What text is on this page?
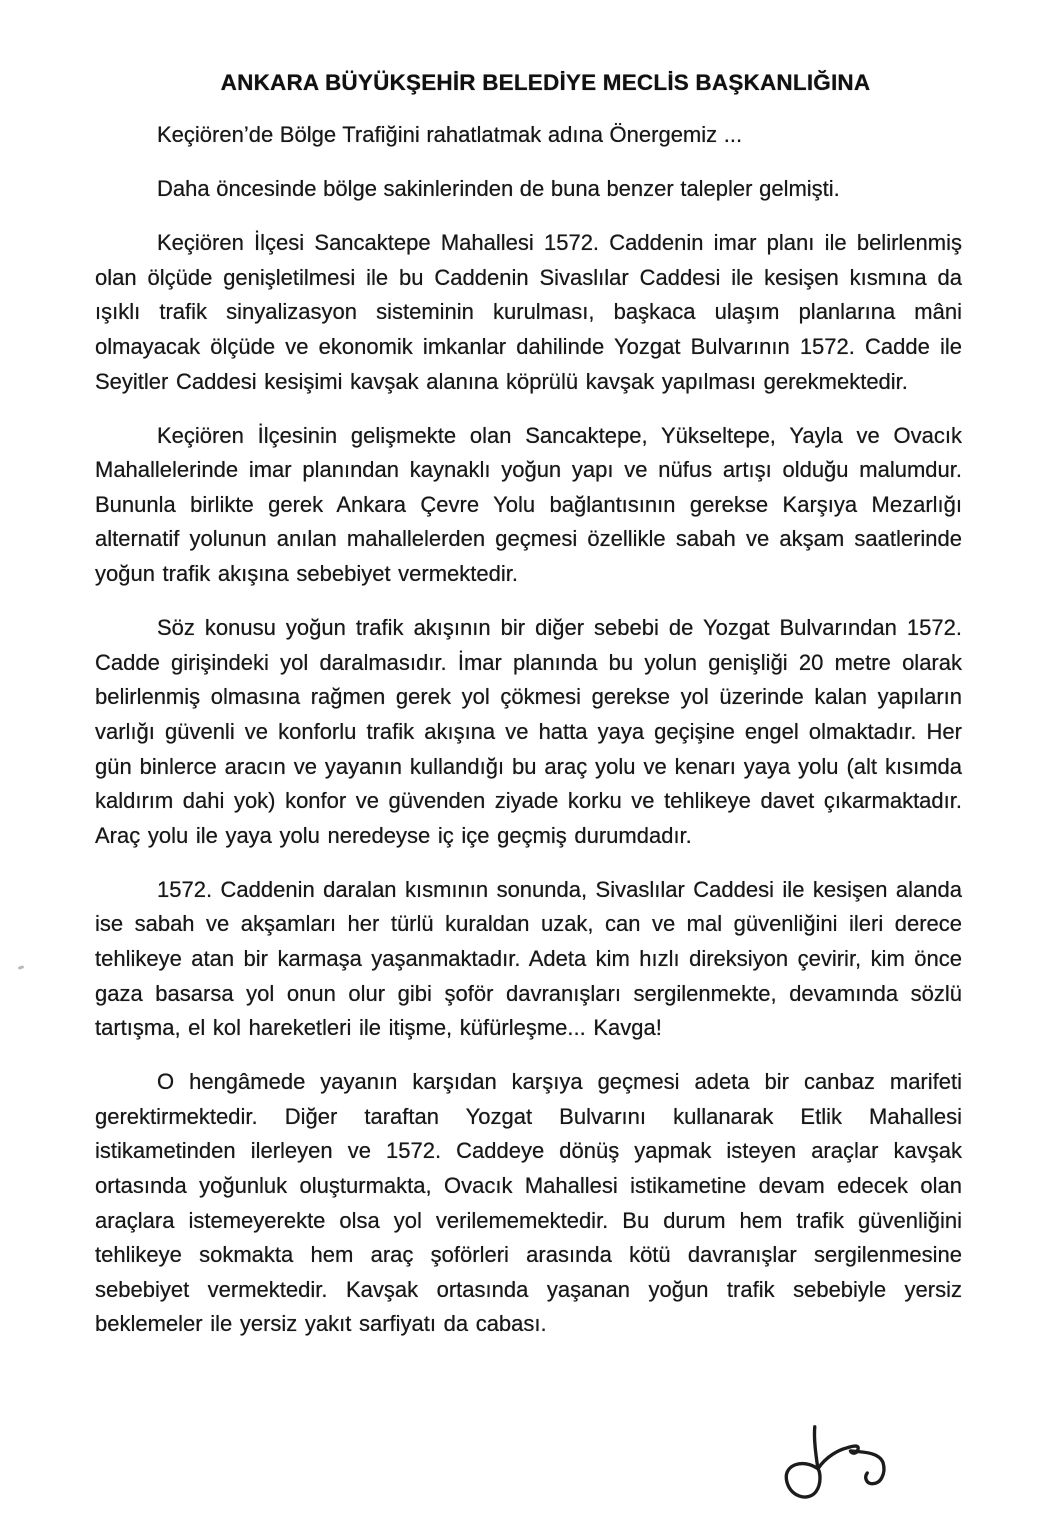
ANKARA BÜYÜKŞEHİR BELEDİYE MECLİS BAŞKANLIĞINA

Keçiören’de Bölge Trafiğini rahatlatmak adına Önergemiz ...

Daha öncesinde bölge sakinlerinden de buna benzer talepler gelmişti.

Keçiören İlçesi Sancaktepe Mahallesi 1572. Caddenin imar planı ile belirlenmiş olan ölçüde genişletilmesi ile bu Caddenin Sivaslılar Caddesi ile kesişen kısmına da ışıklı trafik sinyalizasyon sisteminin kurulması, başkaca ulaşım planlarına mâni olmayacak ölçüde ve ekonomik imkanlar dahilinde Yozgat Bulvarının 1572. Cadde ile Seyitler Caddesi kesişimi kavşak alanına köprülü kavşak yapılması gerekmektedir.

Keçiören İlçesinin gelişmekte olan Sancaktepe, Yükseltepe, Yayla ve Ovacık Mahallelerinde imar planından kaynaklı yoğun yapı ve nüfus artışı olduğu malumdur. Bununla birlikte gerek Ankara Çevre Yolu bağlantısının gerekse Karşıya Mezarlığı alternatif yolunun anılan mahallelerden geçmesi özellikle sabah ve akşam saatlerinde yoğun trafik akışına sebebiyet vermektedir.

Söz konusu yoğun trafik akışının bir diğer sebebi de Yozgat Bulvarından 1572. Cadde girişindeki yol daralmasıdır. İmar planında bu yolun genişliği 20 metre olarak belirlenmiş olmasına rağmen gerek yol çökmesi gerekse yol üzerinde kalan yapıların varlığı güvenli ve konforlu trafik akışına ve hatta yaya geçişine engel olmaktadır. Her gün binlerce aracın ve yayanın kullandığı bu araç yolu ve kenarı yaya yolu (alt kısımda kaldırım dahi yok) konfor ve güvenden ziyade korku ve tehlikeye davet çıkarmaktadır. Araç yolu ile yaya yolu neredeyse iç içe geçmiş durumdadır.

1572. Caddenin daralan kısmının sonunda, Sivaslılar Caddesi ile kesişen alanda ise sabah ve akşamları her türlü kuraldan uzak, can ve mal güvenliğini ileri derece tehlikeye atan bir karmaşa yaşanmaktadır. Adeta kim hızlı direksiyon çevirir, kim önce gaza basarsa yol onun olur gibi şoför davranışları sergilenmekte, devamında sözlü tartışma, el kol hareketleri ile itişme, küfürleşme... Kavga!

O hengâmede yayanın karşıdan karşıya geçmesi adeta bir canbaz marifeti gerektirmektedir. Diğer taraftan Yozgat Bulvarını kullanarak Etlik Mahallesi istikametinden ilerleyen ve 1572. Caddeye dönüş yapmak isteyen araçlar kavşak ortasında yoğunluk oluşturmakta, Ovacık Mahallesi istikametine devam edecek olan araçlara istemeyerekte olsa yol verilememektedir. Bu durum hem trafik güvenliğini tehlikeye sokmakta hem araç şoförleri arasında kötü davranışlar sergilenmesine sebebiyet vermektedir. Kavşak ortasında yaşanan yoğun trafik sebebiyle yersiz beklemeler ile yersiz yakıt sarfiyatı da cabası.
